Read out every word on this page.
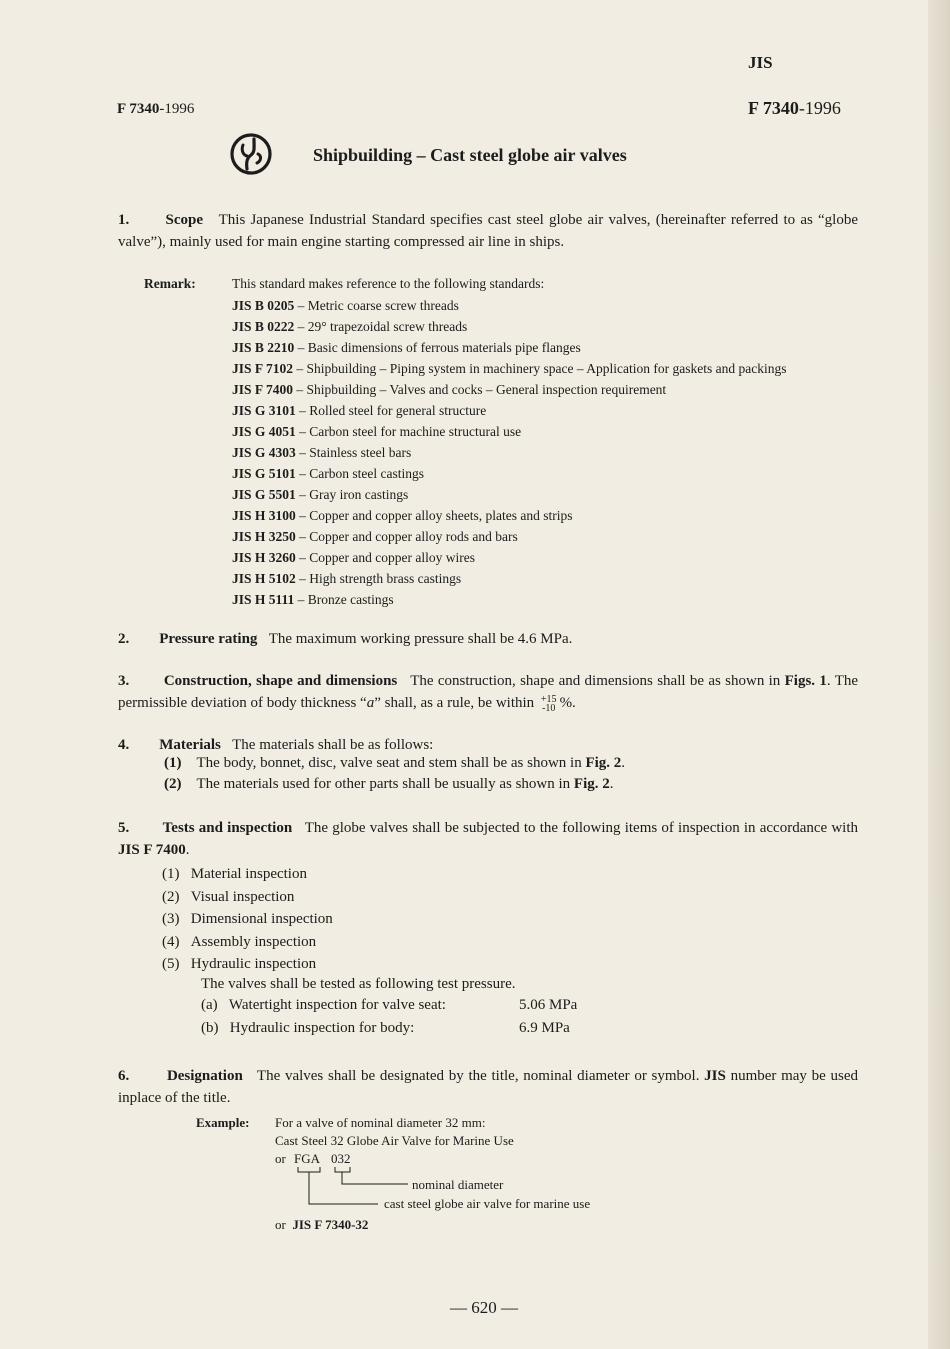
F 7340-1996
JIS
F 7340-1996
Shipbuilding – Cast steel globe air valves
1. Scope This Japanese Industrial Standard specifies cast steel globe air valves, (hereinafter referred to as “globe valve”), mainly used for main engine starting compressed air line in ships.
Remark:	This standard makes reference to the following standards:
JIS B 0205 – Metric coarse screw threads
JIS B 0222 – 29° trapezoidal screw threads
JIS B 2210 – Basic dimensions of ferrous materials pipe flanges
JIS F 7102 – Shipbuilding – Piping system in machinery space – Application for gaskets and packings
JIS F 7400 – Shipbuilding – Valves and cocks – General inspection requirement
JIS G 3101 – Rolled steel for general structure
JIS G 4051 – Carbon steel for machine structural use
JIS G 4303 – Stainless steel bars
JIS G 5101 – Carbon steel castings
JIS G 5501 – Gray iron castings
JIS H 3100 – Copper and copper alloy sheets, plates and strips
JIS H 3250 – Copper and copper alloy rods and bars
JIS H 3260 – Copper and copper alloy wires
JIS H 5102 – High strength brass castings
JIS H 5111 – Bronze castings
2. Pressure rating The maximum working pressure shall be 4.6 MPa.
3. Construction, shape and dimensions The construction, shape and dimensions shall be as shown in Figs. 1. The permissible deviation of body thickness “a” shall, as a rule, be within +15
-10 %.
4. Materials The materials shall be as follows:
(1) The body, bonnet, disc, valve seat and stem shall be as shown in Fig. 2.
(2) The materials used for other parts shall be usually as shown in Fig. 2.
5. Tests and inspection The globe valves shall be subjected to the following items of inspection in accordance with JIS F 7400.
(1) Material inspection
(2) Visual inspection
(3) Dimensional inspection
(4) Assembly inspection
(5) Hydraulic inspection
The valves shall be tested as following test pressure.
(a) Watertight inspection for valve seat:	5.06 MPa
(b) Hydraulic inspection for body:	6.9 MPa
6.	Designation The valves shall be designated by the title, nominal diameter or symbol. JIS number may be used inplace of the title.
Example: For a valve of nominal diameter 32 mm:
Cast Steel 32 Globe Air Valve for Marine Use
or FGA 032
nominal diameter
cast steel globe air valve for marine use
or JIS F 7340-32
— 620 —
